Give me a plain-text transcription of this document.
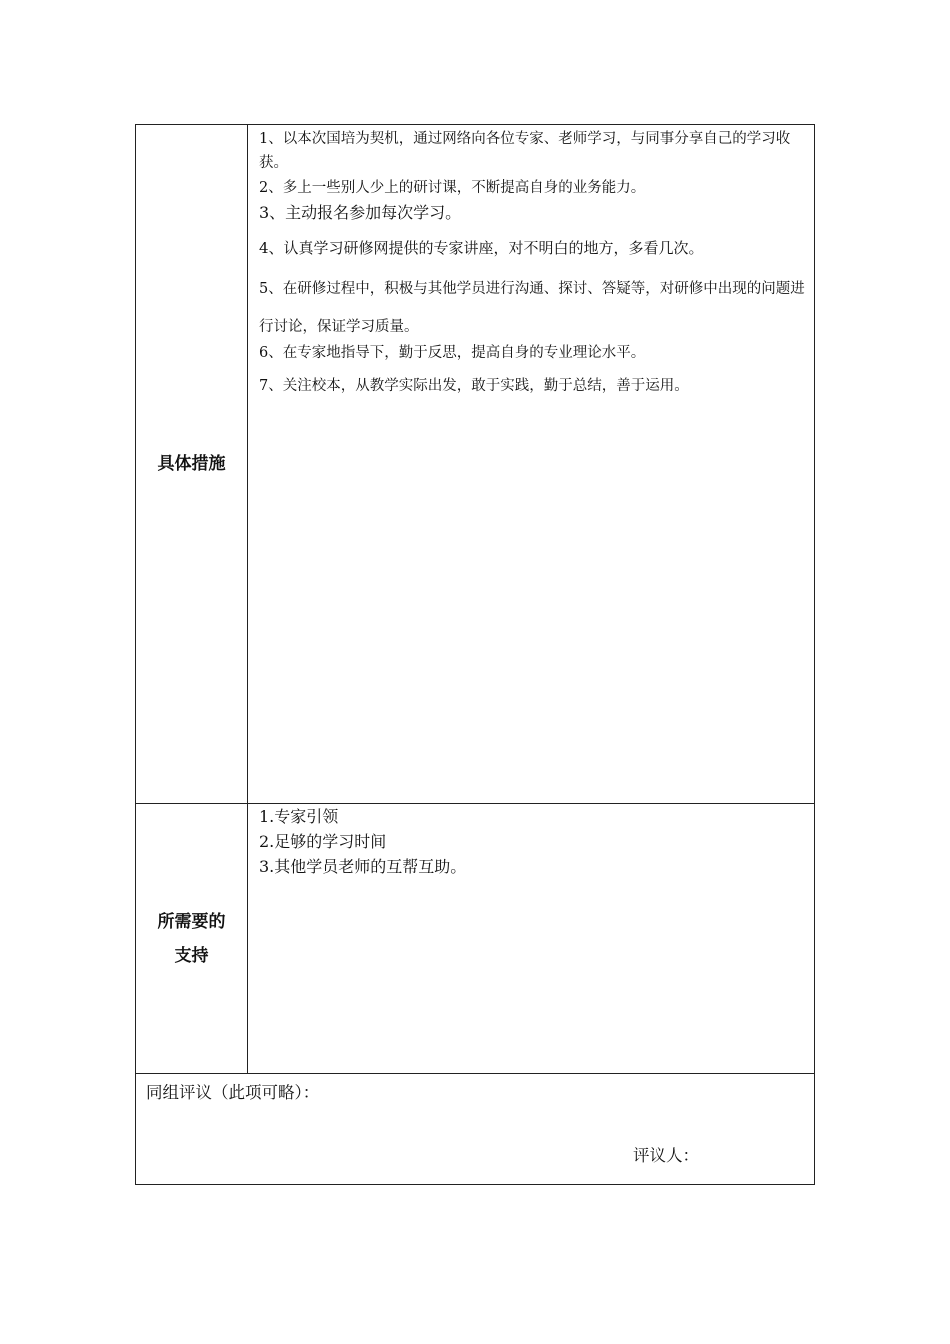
具体措施
1、以本次国培为契机，通过网络向各位专家、老师学习，与同事分享自己的学习收获。
2、多上一些别人少上的研讨课，不断提高自身的业务能力。
3、主动报名参加每次学习。
4、认真学习研修网提供的专家讲座，对不明白的地方，多看几次。
5、在研修过程中，积极与其他学员进行沟通、探讨、答疑等，对研修中出现的问题进行讨论，保证学习质量。
6、在专家地指导下，勤于反思，提高自身的专业理论水平。
7、关注校本，从教学实际出发，敢于实践，勤于总结，善于运用。
所需要的
支持
1.专家引领
2.足够的学习时间
3.其他学员老师的互帮互助。
同组评议（此项可略）：
评议人：
